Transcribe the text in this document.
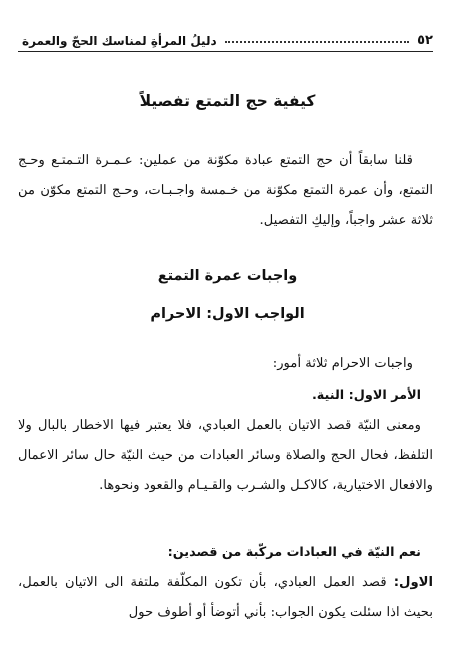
٥٢
دليلُ المرأةِ لمناسك الحجّ والعمرة
كيفية حج التمتع تفصيلاً

قلنا سابقاً أن حج التمتع عبادة مكوّنة من عملين: عـمـرة التـمتـع وحـج التمتع، وأن عمرة التمتع مكوّنة من خـمسة واجـبـات، وحـج التمتع مكوّن من ثلاثة عشر واجباً، وإليكِ التفصيل.

واجبات عمرة التمتع
الواجب الاول: الاحرام

واجبات الاحرام ثلاثة أمور:

الأمر الاول: النية.

ومعنى النيّة قصد الاتيان بالعمل العبادي، فلا يعتبر فيها الاخطار بالبال ولا التلفظ، فحال الحج والصلاة وسائر العبادات من حيث النيّة حال سائر الاعمال والافعال الاختيارية، كالاكـل والشـرب والقـيـام والقعود ونحوها.

نعم النيّة في العبادات مركّبة من قصدين:

الاول: قصد العمل العبادي، بأن تكون المكلّفة ملتفة الى الاتيان بالعمل، بحيث اذا سئلت يكون الجواب: بأني أتوضأ أو أطوف حول
